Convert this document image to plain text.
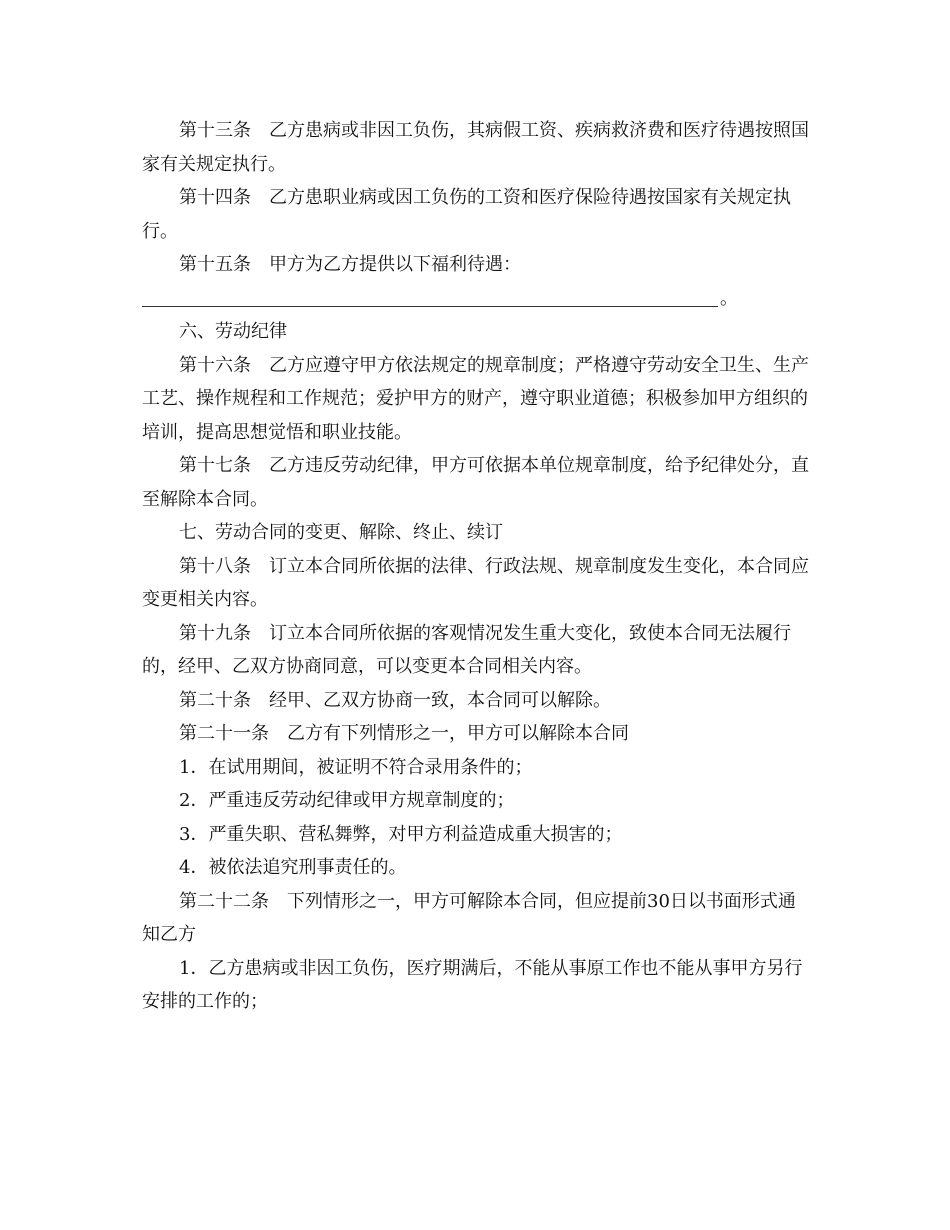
第十三条 乙方患病或非因工负伤，其病假工资、疾病救济费和医疗待遇按照国家有关规定执行。

第十四条 乙方患职业病或因工负伤的工资和医疗保险待遇按国家有关规定执行。

第十五条 甲方为乙方提供以下福利待遇：

。

六、劳动纪律

第十六条 乙方应遵守甲方依法规定的规章制度；严格遵守劳动安全卫生、生产工艺、操作规程和工作规范；爱护甲方的财产，遵守职业道德；积极参加甲方组织的培训，提高思想觉悟和职业技能。

第十七条 乙方违反劳动纪律，甲方可依据本单位规章制度，给予纪律处分，直至解除本合同。

七、劳动合同的变更、解除、终止、续订

第十八条 订立本合同所依据的法律、行政法规、规章制度发生变化，本合同应变更相关内容。

第十九条 订立本合同所依据的客观情况发生重大变化，致使本合同无法履行的，经甲、乙双方协商同意，可以变更本合同相关内容。

第二十条 经甲、乙双方协商一致，本合同可以解除。

第二十一条 乙方有下列情形之一，甲方可以解除本合同

1．在试用期间，被证明不符合录用条件的；

2．严重违反劳动纪律或甲方规章制度的；

3．严重失职、营私舞弊，对甲方利益造成重大损害的；

4．被依法追究刑事责任的。

第二十二条 下列情形之一，甲方可解除本合同，但应提前30日以书面形式通知乙方

1．乙方患病或非因工负伤，医疗期满后，不能从事原工作也不能从事甲方另行安排的工作的；
